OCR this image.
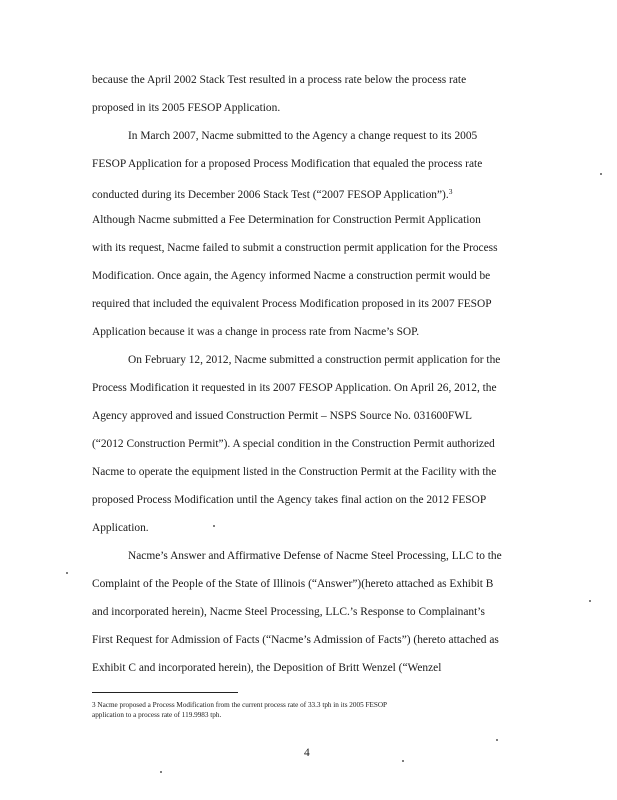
because the April 2002 Stack Test resulted in a process rate below the process rate
proposed in its 2005 FESOP Application.
In March 2007, Nacme submitted to the Agency a change request to its 2005
FESOP Application for a proposed Process Modification that equaled the process rate
conducted during its December 2006 Stack Test (“2007 FESOP Application”).$^3$
Although Nacme submitted a Fee Determination for Construction Permit Application
with its request, Nacme failed to submit a construction permit application for the Process
Modification. Once again, the Agency informed Nacme a construction permit would be
required that included the equivalent Process Modification proposed in its 2007 FESOP
Application because it was a change in process rate from Nacme’s SOP.
On February 12, 2012, Nacme submitted a construction permit application for the
Process Modification it requested in its 2007 FESOP Application. On April 26, 2012, the
Agency approved and issued Construction Permit – NSPS Source No. 031600FWL
(“2012 Construction Permit”). A special condition in the Construction Permit authorized
Nacme to operate the equipment listed in the Construction Permit at the Facility with the
proposed Process Modification until the Agency takes final action on the 2012 FESOP
Application.
Nacme’s Answer and Affirmative Defense of Nacme Steel Processing, LLC to the
Complaint of the People of the State of Illinois (“Answer”)(hereto attached as Exhibit B
and incorporated herein), Nacme Steel Processing, LLC.’s Response to Complainant’s
First Request for Admission of Facts (“Nacme’s Admission of Facts”) (hereto attached as
Exhibit C and incorporated herein), the Deposition of Britt Wenzel (“Wenzel
3 Nacme proposed a Process Modification from the current process rate of 33.3 tph in its 2005 FESOP
application to a process rate of 119.9983 tph.
4
